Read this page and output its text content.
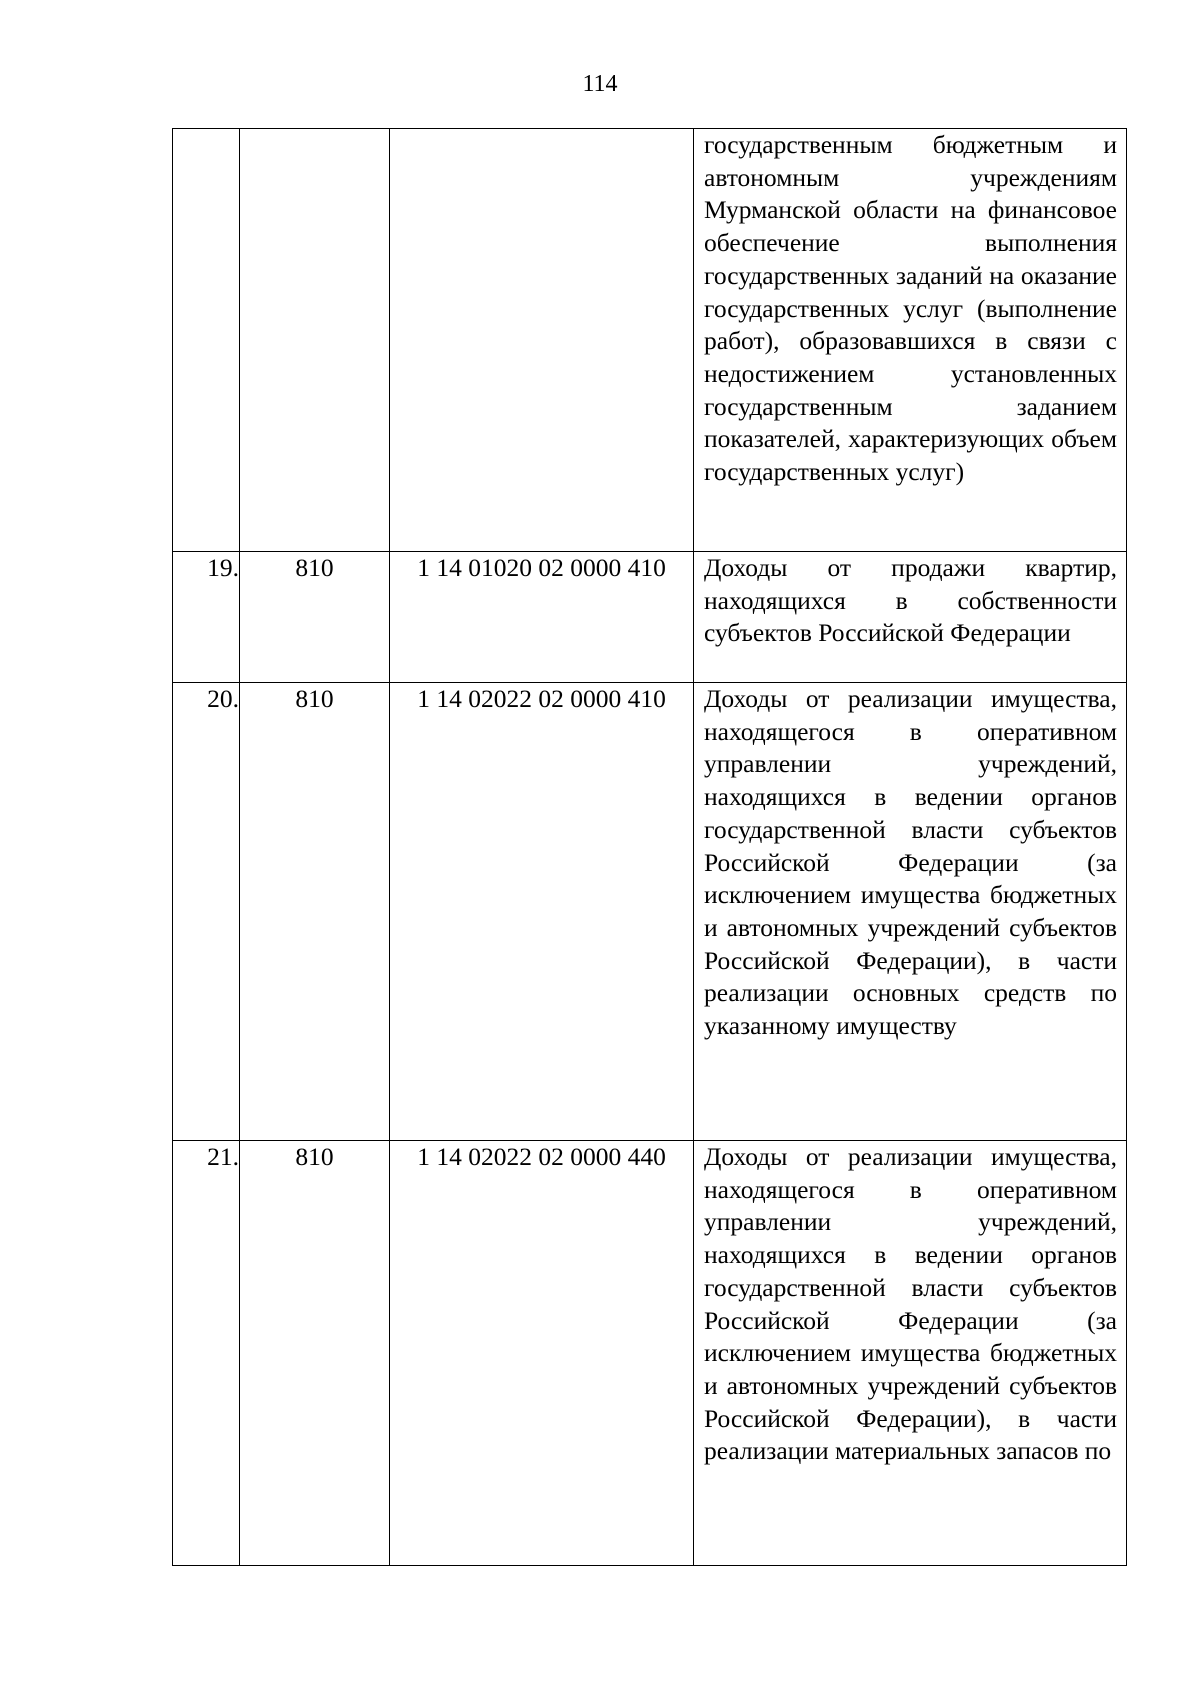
114

			государственным бюджетным и автономным учреждениям Мурманской области на финансовое обеспечение выполнения государственных заданий на оказание государственных услуг (выполнение работ), образовавшихся в связи с недостижением установленных государственным заданием показателей, характеризующих объем государственных услуг)

19.	810	1 14 01020 02 0000 410	Доходы от продажи квартир, находящихся в собственности субъектов Российской Федерации

20.	810	1 14 02022 02 0000 410	Доходы от реализации имущества, находящегося в оперативном управлении учреждений, находящихся в ведении органов государственной власти субъектов Российской Федерации (за исключением имущества бюджетных и автономных учреждений субъектов Российской Федерации), в части реализации основных средств по указанному имуществу

21.	810	1 14 02022 02 0000 440	Доходы от реализации имущества, находящегося в оперативном управлении учреждений, находящихся в ведении органов государственной власти субъектов Российской Федерации (за исключением имущества бюджетных и автономных учреждений субъектов Российской Федерации), в части реализации материальных запасов по
